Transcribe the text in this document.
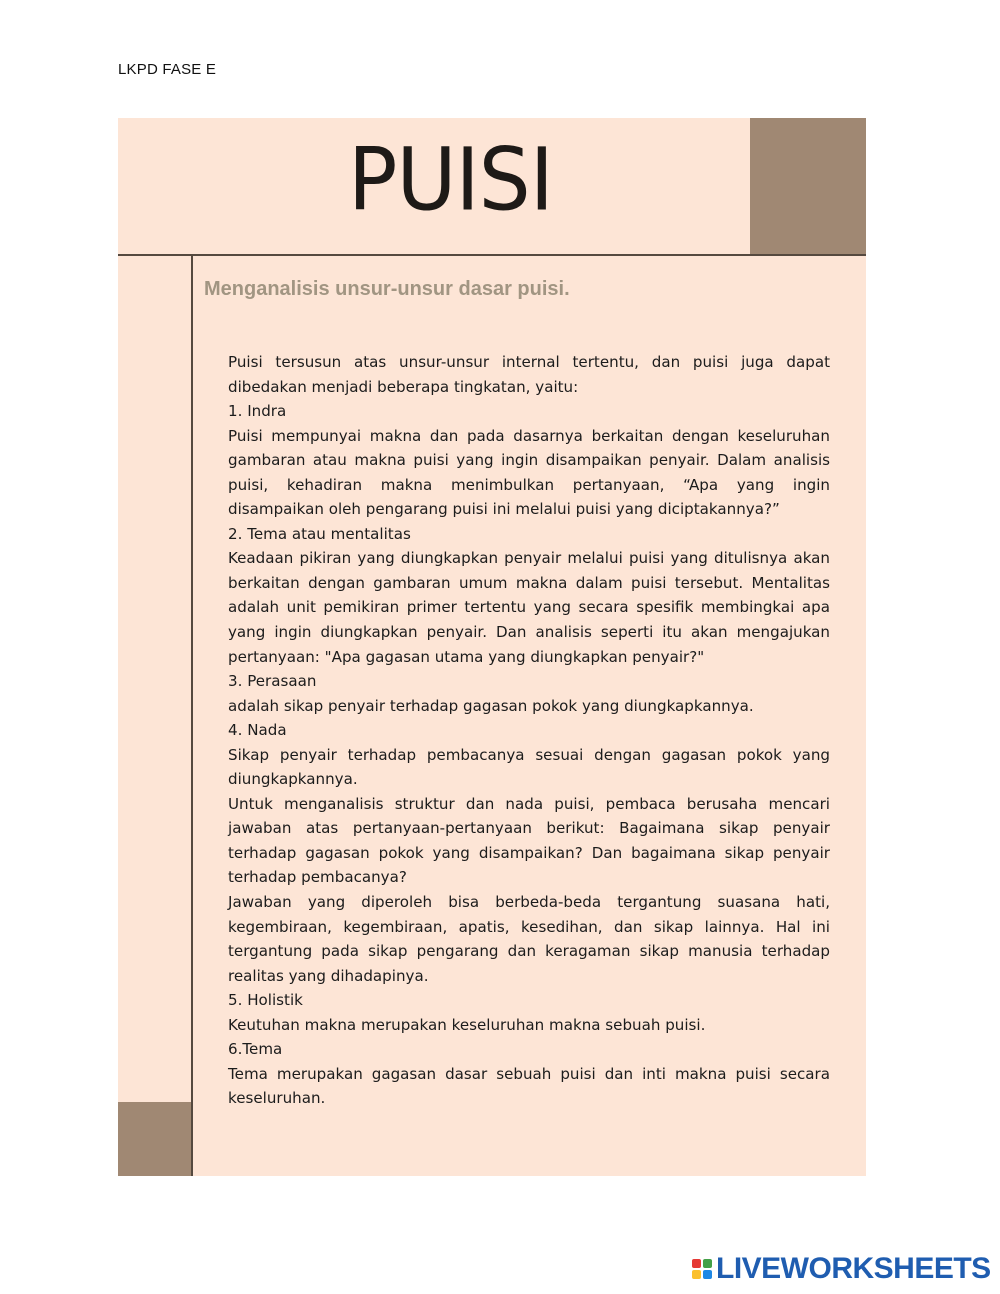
LKPD FASE E
PUISI
Menganalisis unsur-unsur dasar puisi.

Puisi tersusun atas unsur-unsur internal tertentu, dan puisi juga dapat dibedakan menjadi beberapa tingkatan, yaitu:

1. Indra

Puisi mempunyai makna dan pada dasarnya berkaitan dengan keseluruhan gambaran atau makna puisi yang ingin disampaikan penyair. Dalam analisis puisi, kehadiran makna menimbulkan pertanyaan, “Apa yang ingin disampaikan oleh pengarang puisi ini melalui puisi yang diciptakannya?”

2. Tema atau mentalitas

Keadaan pikiran yang diungkapkan penyair melalui puisi yang ditulisnya akan berkaitan dengan gambaran umum makna dalam puisi tersebut. Mentalitas adalah unit pemikiran primer tertentu yang secara spesifik membingkai apa yang ingin diungkapkan penyair. Dan analisis seperti itu akan mengajukan pertanyaan: "Apa gagasan utama yang diungkapkan penyair?"

3. Perasaan

adalah sikap penyair terhadap gagasan pokok yang diungkapkannya.

4. Nada

Sikap penyair terhadap pembacanya sesuai dengan gagasan pokok yang diungkapkannya.

Untuk menganalisis struktur dan nada puisi, pembaca berusaha mencari jawaban atas pertanyaan-pertanyaan berikut: Bagaimana sikap penyair terhadap gagasan pokok yang disampaikan? Dan bagaimana sikap penyair terhadap pembacanya?

Jawaban yang diperoleh bisa berbeda-beda tergantung suasana hati, kegembiraan, kegembiraan, apatis, kesedihan, dan sikap lainnya. Hal ini tergantung pada sikap pengarang dan keragaman sikap manusia terhadap realitas yang dihadapinya.

5. Holistik

Keutuhan makna merupakan keseluruhan makna sebuah puisi.

6.Tema

Tema merupakan gagasan dasar sebuah puisi dan inti makna puisi secara keseluruhan.

LIVEWORKSHEETS
